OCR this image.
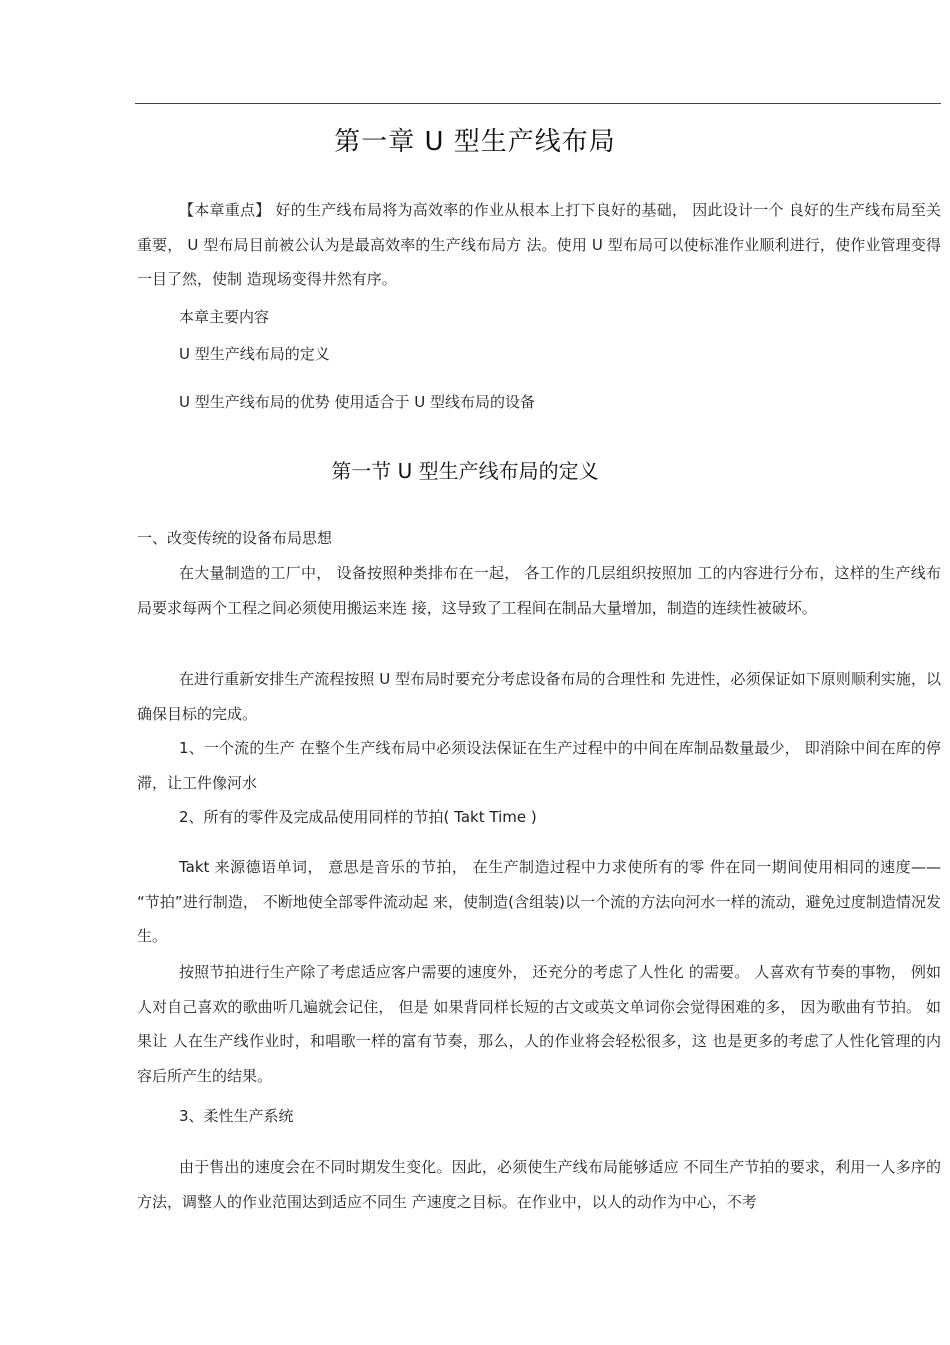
第一章 U 型生产线布局
【本章重点】 好的生产线布局将为高效率的作业从根本上打下良好的基础， 因此设计一个 良好的生产线布局至关重要， U 型布局目前被公认为是最高效率的生产线布局方 法。使用 U 型布局可以使标准作业顺利进行，使作业管理变得一目了然，使制 造现场变得井然有序。
本章主要内容
U 型生产线布局的定义
U 型生产线布局的优势 使用适合于 U 型线布局的设备
第一节 U 型生产线布局的定义
一、改变传统的设备布局思想
在大量制造的工厂中， 设备按照种类排布在一起， 各工作的几层组织按照加 工的内容进行分布，这样的生产线布局要求每两个工程之间必须使用搬运来连 接，这导致了工程间在制品大量增加，制造的连续性被破坏。
在进行重新安排生产流程按照 U 型布局时要充分考虑设备布局的合理性和 先进性，必须保证如下原则顺利实施，以确保目标的完成。
1、一个流的生产 在整个生产线布局中必须设法保证在生产过程中的中间在库制品数量最少， 即消除中间在库的停滞，让工件像河水
2、所有的零件及完成品使用同样的节拍( Takt Time )
Takt 来源德语单词， 意思是音乐的节拍， 在生产制造过程中力求使所有的零 件在同一期间使用相同的速度—— “节拍”进行制造， 不断地使全部零件流动起 来，使制造(含组装)以一个流的方法向河水一样的流动，避免过度制造情况发 生。
按照节拍进行生产除了考虑适应客户需要的速度外， 还充分的考虑了人性化 的需要。 人喜欢有节奏的事物， 例如人对自己喜欢的歌曲听几遍就会记住， 但是 如果背同样长短的古文或英文单词你会觉得困难的多， 因为歌曲有节拍。 如果让 人在生产线作业时，和唱歌一样的富有节奏，那么，人的作业将会轻松很多，这 也是更多的考虑了人性化管理的内容后所产生的结果。
3、柔性生产系统
由于售出的速度会在不同时期发生变化。因此，必须使生产线布局能够适应 不同生产节拍的要求，利用一人多序的方法，调整人的作业范围达到适应不同生 产速度之目标。在作业中，以人的动作为中心，不考
